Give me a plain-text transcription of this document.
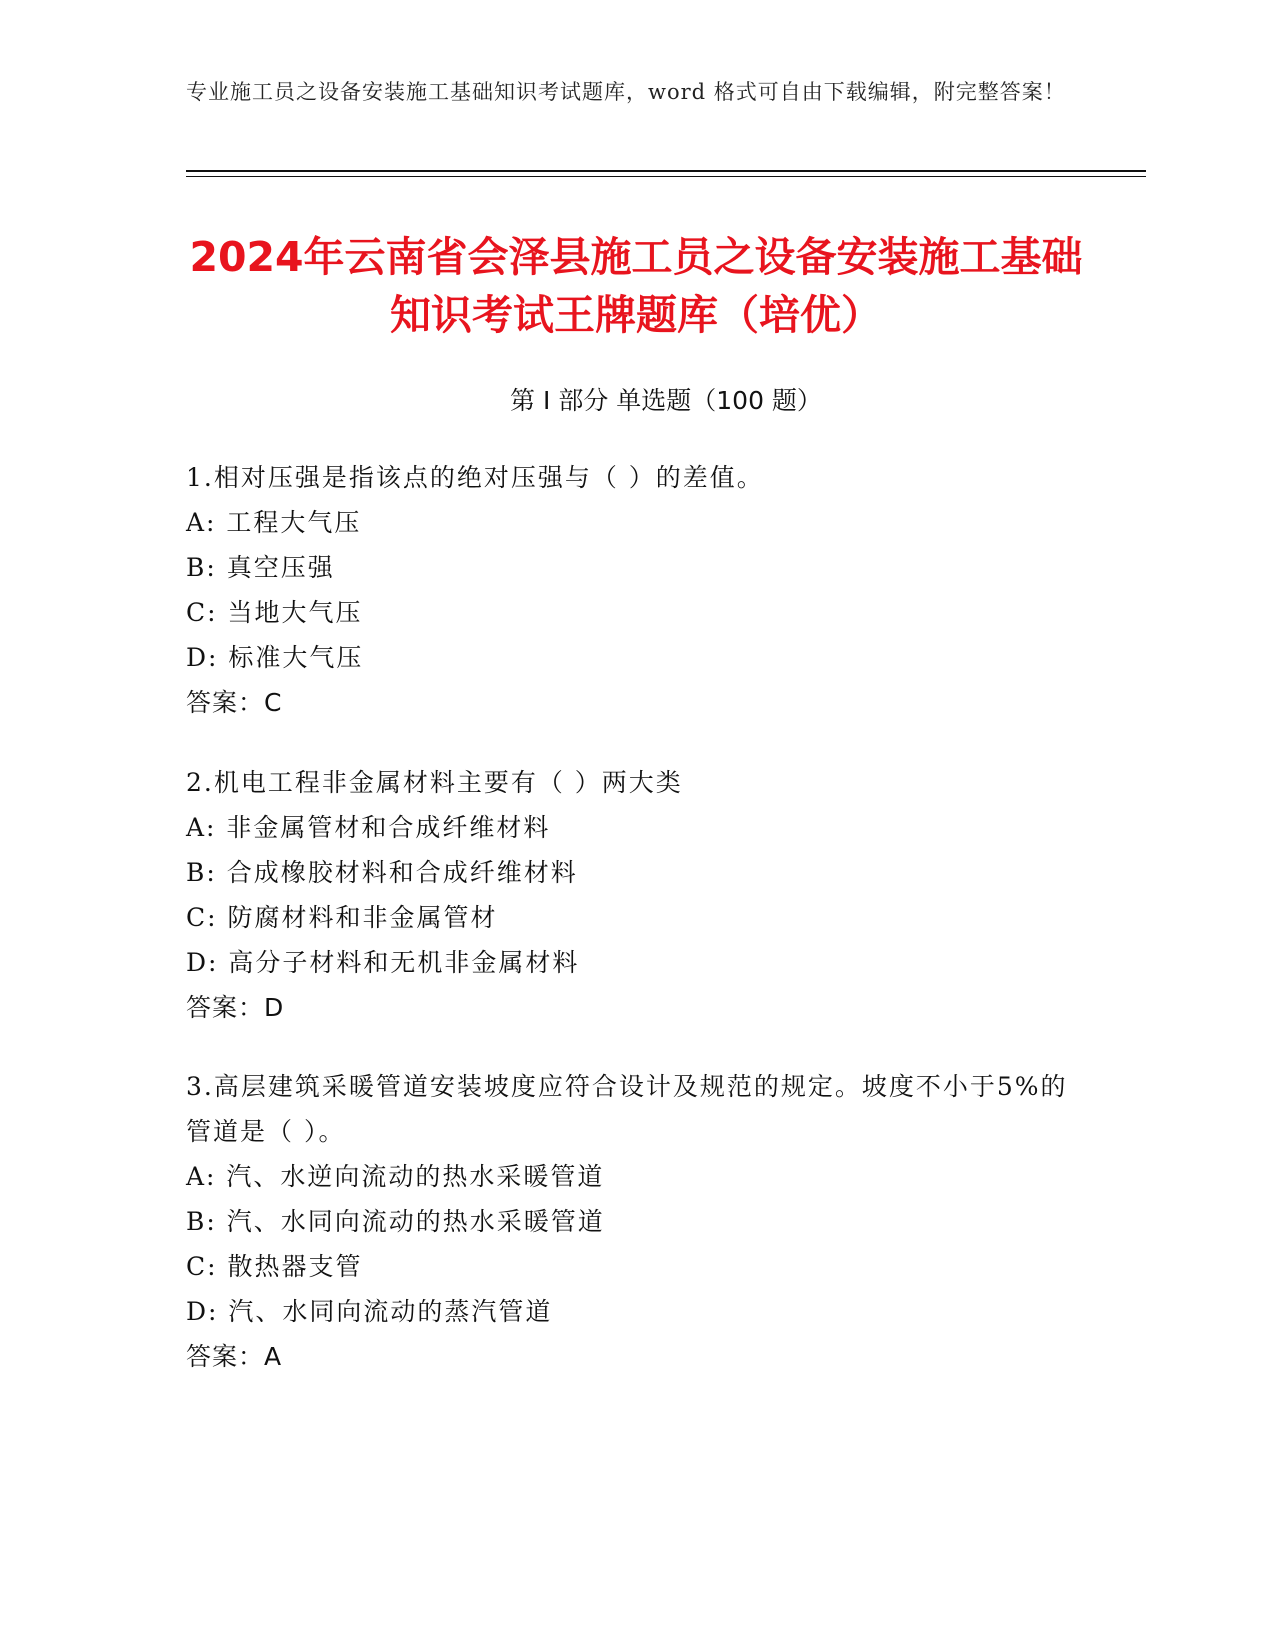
专业施工员之设备安装施工基础知识考试题库，word 格式可自由下载编辑，附完整答案！
2024年云南省会泽县施工员之设备安装施工基础知识考试王牌题库（培优）
第 I 部分 单选题（100 题）

1.相对压强是指该点的绝对压强与（ ）的差值。

A: 工程大气压

B: 真空压强

C: 当地大气压

D: 标准大气压

答案：C

2.机电工程非金属材料主要有（ ）两大类

A: 非金属管材和合成纤维材料

B: 合成橡胶材料和合成纤维材料

C: 防腐材料和非金属管材

D: 高分子材料和无机非金属材料

答案：D

3.高层建筑采暖管道安装坡度应符合设计及规范的规定。坡度不小于5%的管道是（ ）。

A: 汽、水逆向流动的热水采暖管道

B: 汽、水同向流动的热水采暖管道

C: 散热器支管

D: 汽、水同向流动的蒸汽管道

答案：A
